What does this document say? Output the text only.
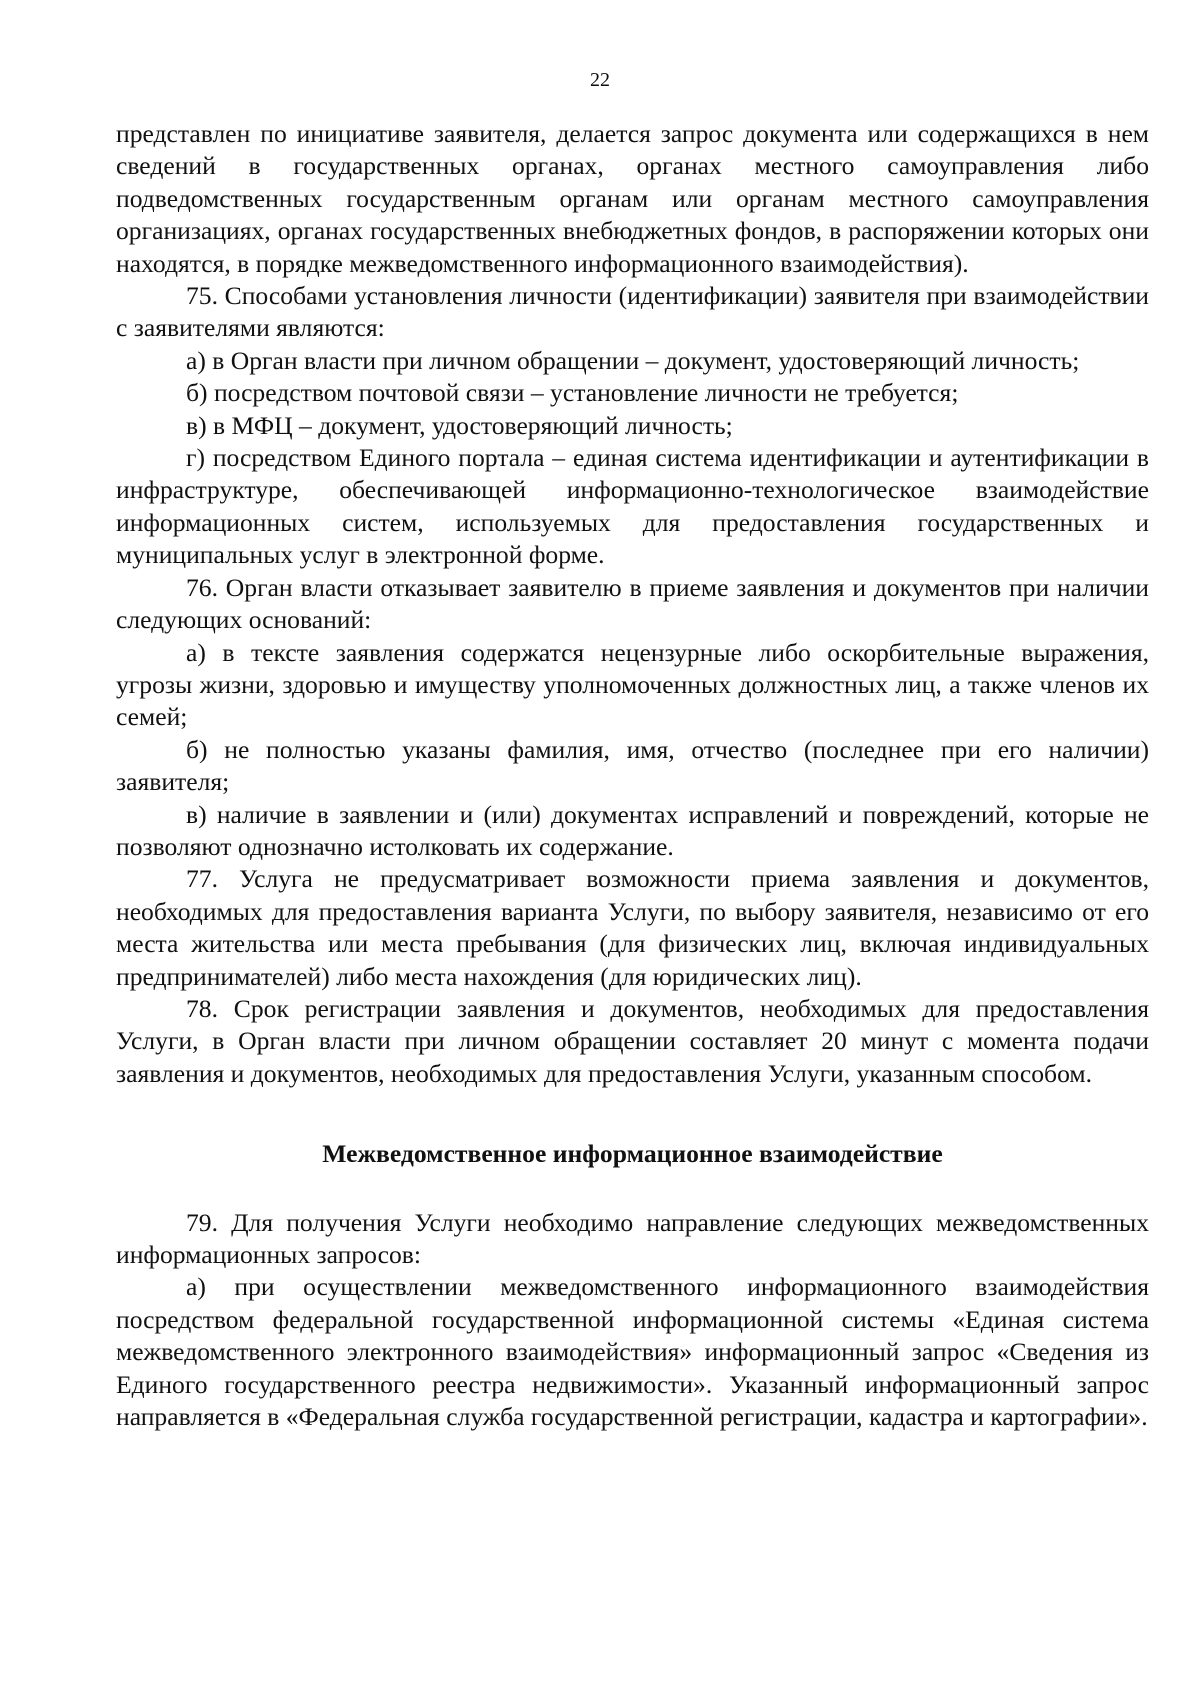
22

представлен по инициативе заявителя, делается запрос документа или содержащихся в нем сведений в государственных органах, органах местного самоуправления либо подведомственных государственным органам или органам местного самоуправления организациях, органах государственных внебюджетных фондов, в распоряжении которых они находятся, в порядке межведомственного информационного взаимодействия).

75. Способами установления личности (идентификации) заявителя при взаимодействии с заявителями являются:

а) в Орган власти при личном обращении – документ, удостоверяющий личность;

б) посредством почтовой связи – установление личности не требуется;

в) в МФЦ – документ, удостоверяющий личность;

г) посредством Единого портала – единая система идентификации и аутентификации в инфраструктуре, обеспечивающей информационно-технологическое взаимодействие информационных систем, используемых для предоставления государственных и муниципальных услуг в электронной форме.

76. Орган власти отказывает заявителю в приеме заявления и документов при наличии следующих оснований:

а) в тексте заявления содержатся нецензурные либо оскорбительные выражения, угрозы жизни, здоровью и имуществу уполномоченных должностных лиц, а также членов их семей;

б) не полностью указаны фамилия, имя, отчество (последнее при его наличии) заявителя;

в) наличие в заявлении и (или) документах исправлений и повреждений, которые не позволяют однозначно истолковать их содержание.

77. Услуга не предусматривает возможности приема заявления и документов, необходимых для предоставления варианта Услуги, по выбору заявителя, независимо от его места жительства или места пребывания (для физических лиц, включая индивидуальных предпринимателей) либо места нахождения (для юридических лиц).

78. Срок регистрации заявления и документов, необходимых для предоставления Услуги, в Орган власти при личном обращении составляет 20 минут с момента подачи заявления и документов, необходимых для предоставления Услуги, указанным способом.

Межведомственное информационное взаимодействие

79. Для получения Услуги необходимо направление следующих межведомственных информационных запросов:

а) при осуществлении межведомственного информационного взаимодействия посредством федеральной государственной информационной системы «Единая система межведомственного электронного взаимодействия» информационный запрос «Сведения из Единого государственного реестра недвижимости». Указанный информационный запрос направляется в «Федеральная служба государственной регистрации, кадастра и картографии».
